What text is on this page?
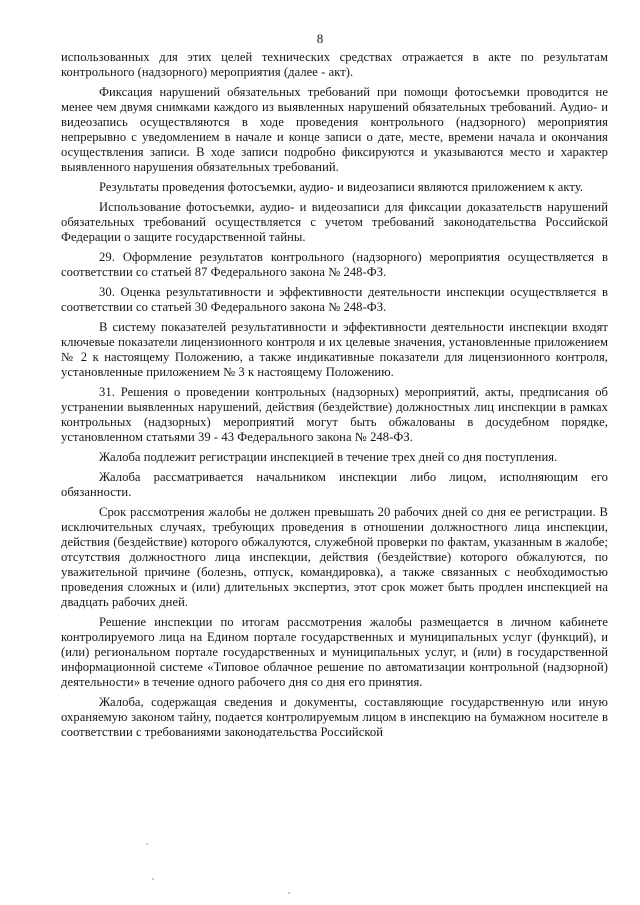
8

использованных для этих целей технических средствах отражается в акте по результатам контрольного (надзорного) мероприятия (далее - акт).

Фиксация нарушений обязательных требований при помощи фотосъемки проводится не менее чем двумя снимками каждого из выявленных нарушений обязательных требований. Аудио- и видеозапись осуществляются в ходе проведения контрольного (надзорного) мероприятия непрерывно с уведомлением в начале и конце записи о дате, месте, времени начала и окончания осуществления записи. В ходе записи подробно фиксируются и указываются место и характер выявленного нарушения обязательных требований.

Результаты проведения фотосъемки, аудио- и видеозаписи являются приложением к акту.

Использование фотосъемки, аудио- и видеозаписи для фиксации доказательств нарушений обязательных требований осуществляется с учетом требований законодательства Российской Федерации о защите государственной тайны.

29. Оформление результатов контрольного (надзорного) мероприятия осуществляется в соответствии со статьей 87 Федерального закона № 248-ФЗ.

30. Оценка результативности и эффективности деятельности инспекции осуществляется в соответствии со статьей 30 Федерального закона № 248-ФЗ.

В систему показателей результативности и эффективности деятельности инспекции входят ключевые показатели лицензионного контроля и их целевые значения, установленные приложением № 2 к настоящему Положению, а также индикативные показатели для лицензионного контроля, установленные приложением № 3 к настоящему Положению.

31. Решения о проведении контрольных (надзорных) мероприятий, акты, предписания об устранении выявленных нарушений, действия (бездействие) должностных лиц инспекции в рамках контрольных (надзорных) мероприятий могут быть обжалованы в досудебном порядке, установленном статьями 39 - 43 Федерального закона № 248-ФЗ.

Жалоба подлежит регистрации инспекцией в течение трех дней со дня поступления.

Жалоба рассматривается начальником инспекции либо лицом, исполняющим его обязанности.

Срок рассмотрения жалобы не должен превышать 20 рабочих дней со дня ее регистрации. В исключительных случаях, требующих проведения в отношении должностного лица инспекции, действия (бездействие) которого обжалуются, служебной проверки по фактам, указанным в жалобе; отсутствия должностного лица инспекции, действия (бездействие) которого обжалуются, по уважительной причине (болезнь, отпуск, командировка), а также связанных с необходимостью проведения сложных и (или) длительных экспертиз, этот срок может быть продлен инспекцией на двадцать рабочих дней.

Решение инспекции по итогам рассмотрения жалобы размещается в личном кабинете контролируемого лица на Едином портале государственных и муниципальных услуг (функций), и (или) региональном портале государственных и муниципальных услуг, и (или) в государственной информационной системе «Типовое облачное решение по автоматизации контрольной (надзорной) деятельности» в течение одного рабочего дня со дня его принятия.

Жалоба, содержащая сведения и документы, составляющие государственную или иную охраняемую законом тайну, подается контролируемым лицом в инспекцию на бумажном носителе в соответствии с требованиями законодательства Российской
